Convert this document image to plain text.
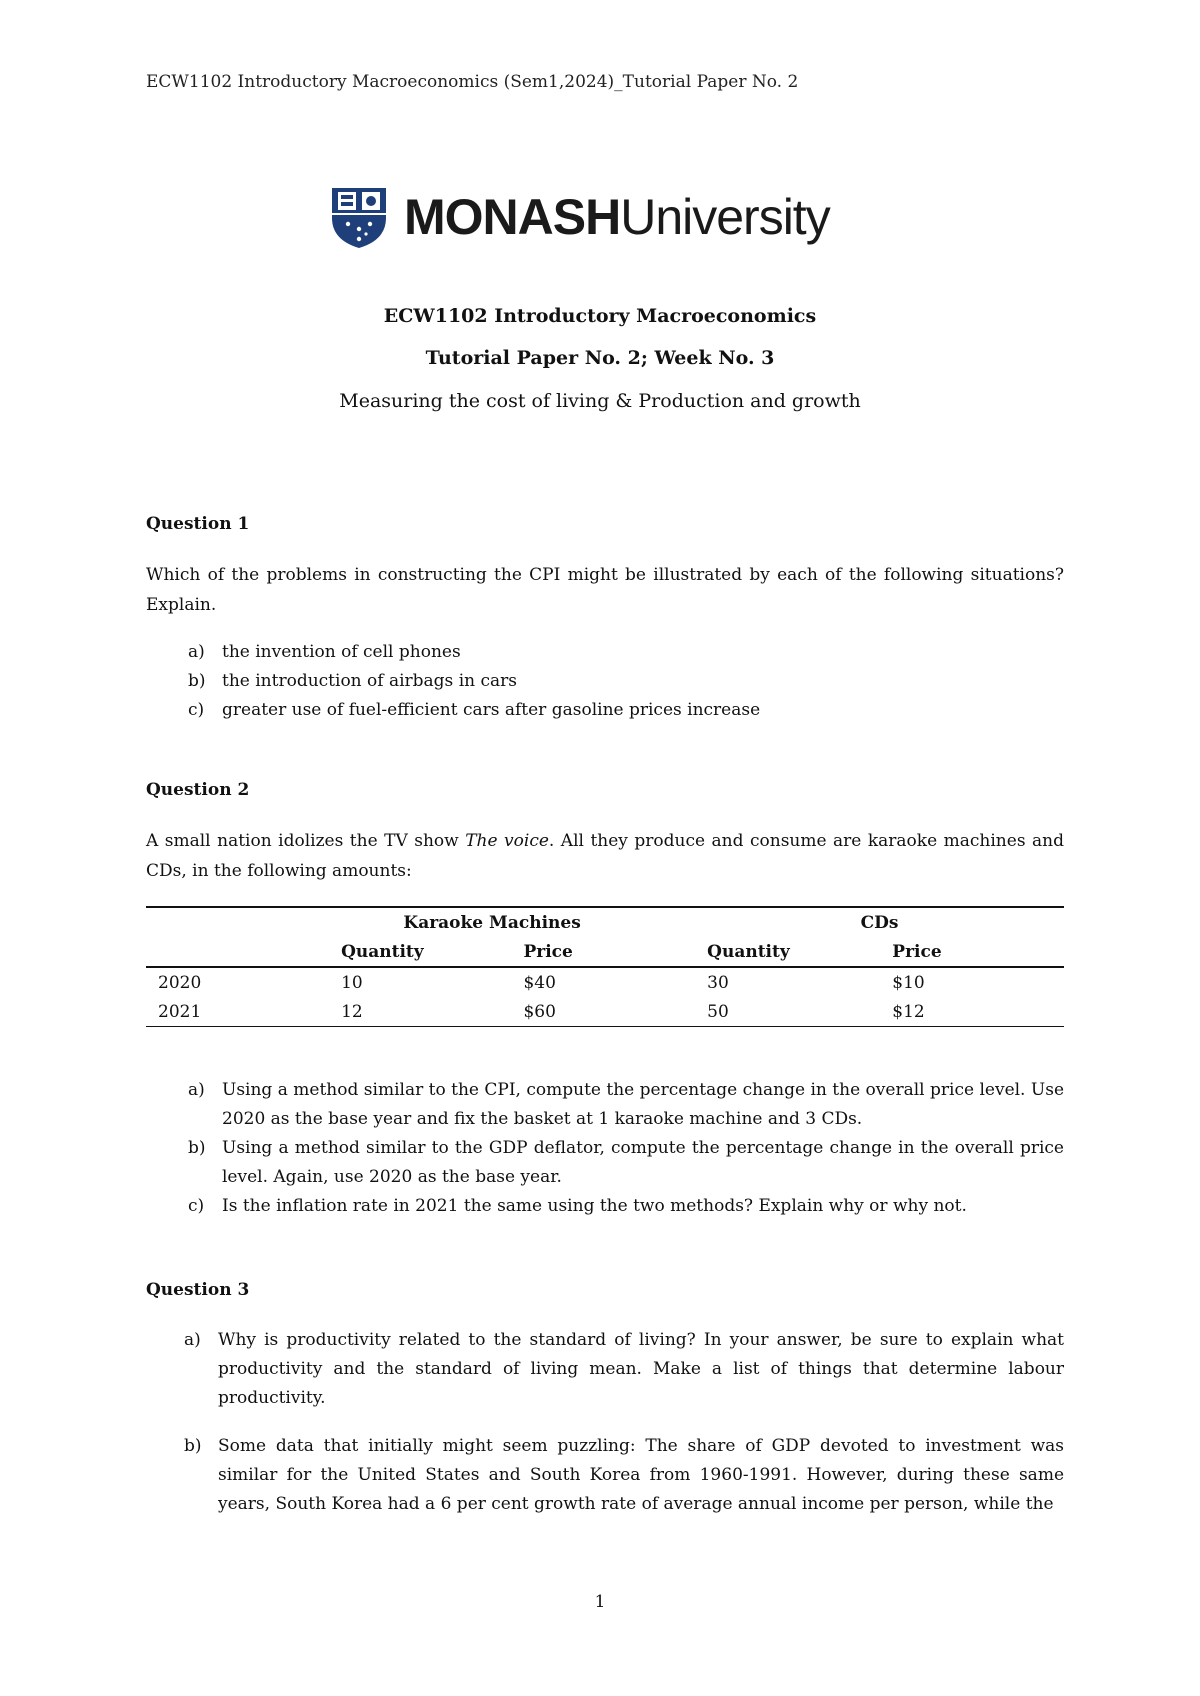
ECW1102 Introductory Macroeconomics (Sem1,2024)_Tutorial Paper No. 2
MONASHUniversity
ECW1102 Introductory Macroeconomics
Tutorial Paper No. 2; Week No. 3
Measuring the cost of living & Production and growth
Question 1
Which of the problems in constructing the CPI might be illustrated by each of the following situations? Explain.
a)	the invention of cell phones
b) the introduction of airbags in cars
c)	greater use of fuel-efficient cars after gasoline prices increase
Question 2
A small nation idolizes the TV show The voice. All they produce and consume are karaoke machines and CDs, in the following amounts:
	Karaoke Machines		CDs	
	Quantity	Price	Quantity	Price
2020	10	$40	30	$10
2021	12	$60	50	$12
a)	Using a method similar to the CPI, compute the percentage change in the overall price level. Use 2020 as the base year and fix the basket at 1 karaoke machine and 3 CDs.
b) Using a method similar to the GDP deflator, compute the percentage change in the overall price level. Again, use 2020 as the base year.
c)	Is the inflation rate in 2021 the same using the two methods? Explain why or why not.
Question 3
a)	Why is productivity related to the standard of living? In your answer, be sure to explain what productivity and the standard of living mean. Make a list of things that determine labour productivity.
b) Some data that initially might seem puzzling: The share of GDP devoted to investment was similar for the United States and South Korea from 1960-1991. However, during these same years, South Korea had a 6 per cent growth rate of average annual income per person, while the
1
